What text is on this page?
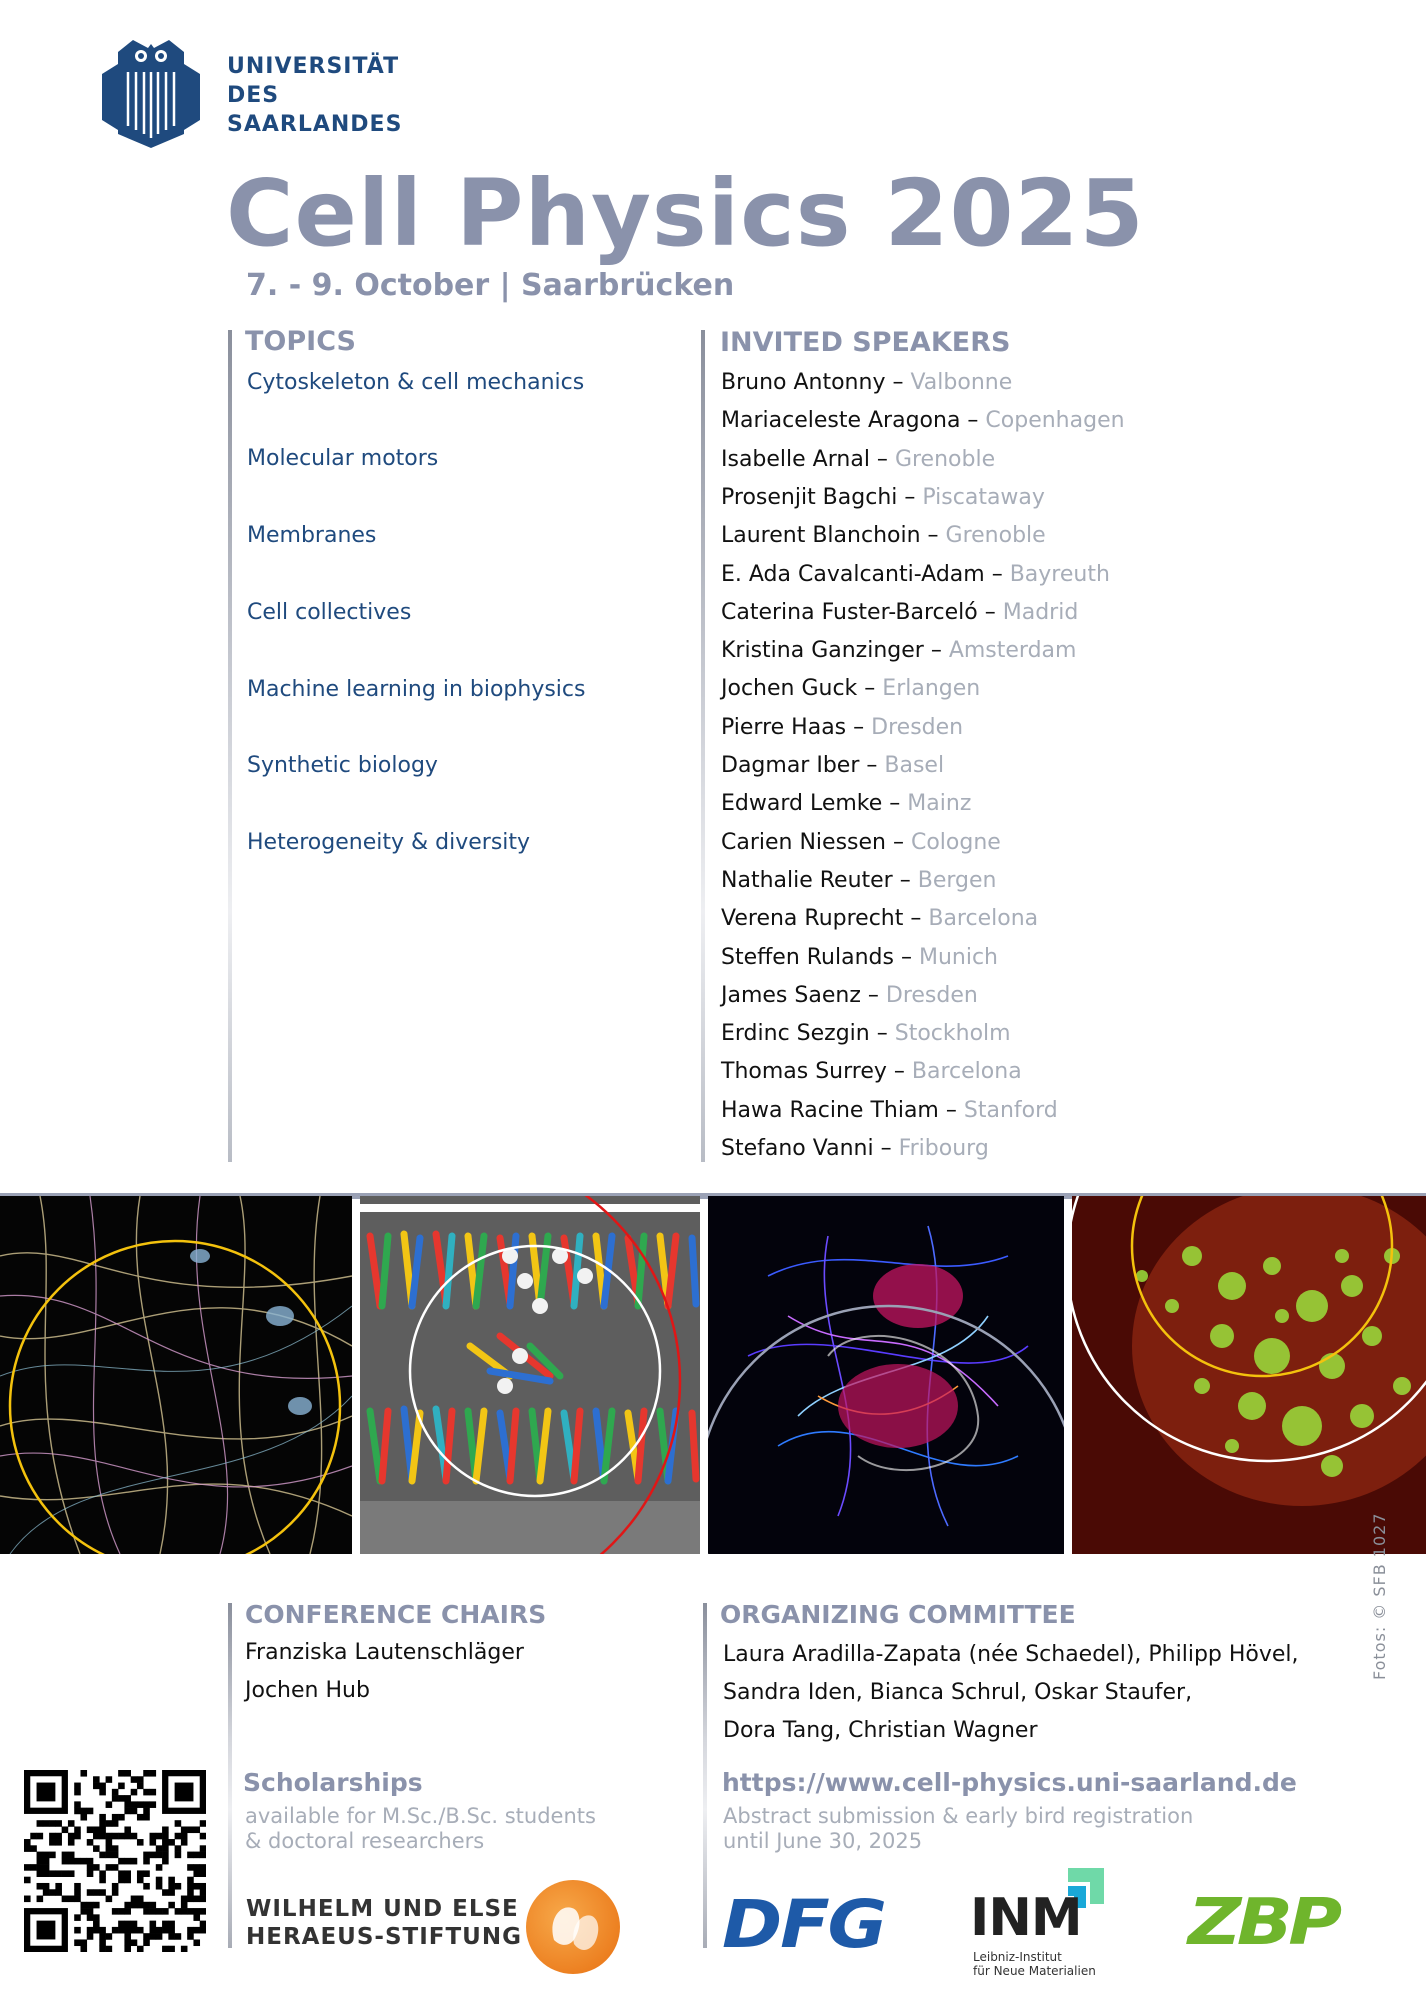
UNIVERSITÄT
DES
SAARLANDES
Cell Physics 2025
7. - 9. October | Saarbrücken
TOPICS
Cytoskeleton & cell mechanics
Molecular motors
Membranes
Cell collectives
Machine learning in biophysics
Synthetic biology
Heterogeneity & diversity
INVITED SPEAKERS
Bruno Antonny – Valbonne
Mariaceleste Aragona – Copenhagen
Isabelle Arnal – Grenoble
Prosenjit Bagchi – Piscataway
Laurent Blanchoin – Grenoble
E. Ada Cavalcanti-Adam – Bayreuth
Caterina Fuster-Barceló – Madrid
Kristina Ganzinger – Amsterdam
Jochen Guck – Erlangen
Pierre Haas – Dresden
Dagmar Iber – Basel
Edward Lemke – Mainz
Carien Niessen – Cologne
Nathalie Reuter – Bergen
Verena Ruprecht – Barcelona
Steffen Rulands – Munich
James Saenz – Dresden
Erdinc Sezgin – Stockholm
Thomas Surrey – Barcelona
Hawa Racine Thiam – Stanford
Stefano Vanni – Fribourg
Fotos: © SFB 1027
CONFERENCE CHAIRS
Franziska Lautenschläger
Jochen Hub
ORGANIZING COMMITTEE
Laura Aradilla-Zapata (née Schaedel), Philipp Hövel,
Sandra Iden, Bianca Schrul, Oskar Staufer,
Dora Tang, Christian Wagner
Scholarships
available for M.Sc./B.Sc. students
& doctoral researchers
https://www.cell-physics.uni-saarland.de
Abstract submission & early bird registration
until June 30, 2025
WILHELM UND ELSE
HERAEUS-STIFTUNG	DFG INM
Leibniz-Institut
für Neue Materialien
ZBP
